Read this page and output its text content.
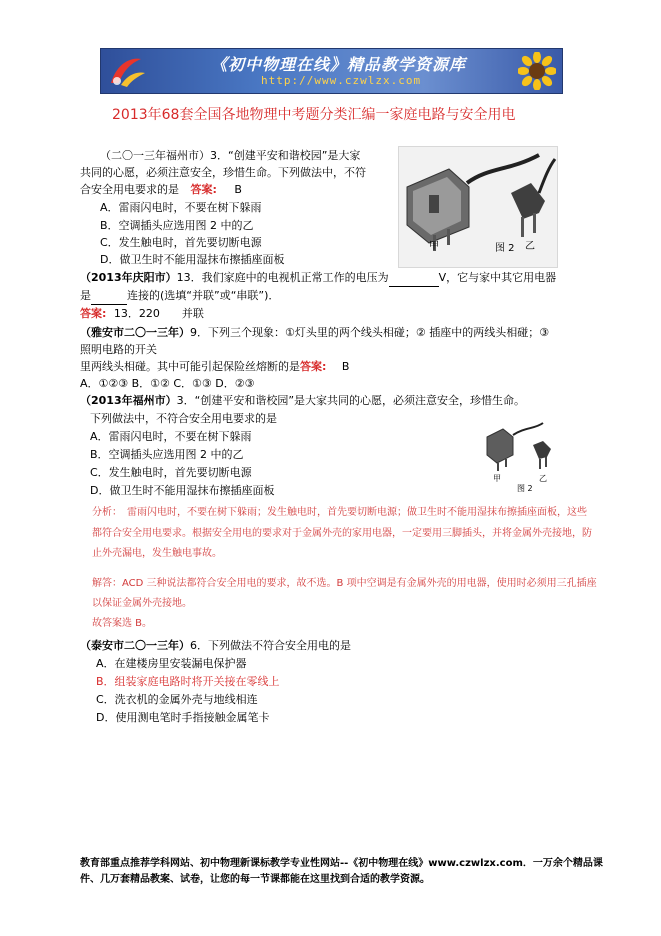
《初中物理在线》精品教学资源库
http://www.czwlzx.com
2013年68套全国各地物理中考题分类汇编一家庭电路与安全用电
（二〇一三年福州市）3．“创建平安和谐校园”是大家
共同的心愿，必须注意安全，珍惜生命。下列做法中，不符
合安全用电要求的是 答案: B
A．雷雨闪电时，不要在树下躲雨
B．空调插头应选用图 2 中的乙
C．发生触电时，首先要切断电源
D．做卫生时不能用湿抹布擦插座面板
甲	图 2 乙
（2013年庆阳市）13．我们家庭中的电视机正常工作的电压为	V，它与家中其它用电器
是	连接的(选填“并联”或“串联”)．
答案: 13．220　　并联
（雅安市二〇一三年）9．下列三个现象：①灯头里的两个线头相碰；② 插座中的两线头相碰；③
照明电路的开关
里两线头相碰。其中可能引起保险丝熔断的是答案: B
A．①②③ B．①② C．①③ D．②③
（2013年福州市）3．“创建平安和谐校园”是大家共同的心愿，必须注意安全，珍惜生命。
下列做法中，不符合安全用电要求的是
A．雷雨闪电时，不要在树下躲雨
B．空调插头应选用图 2 中的乙
C．发生触电时，首先要切断电源
D．做卫生时不能用湿抹布擦插座面板
甲	乙
图 2
分析：　雷雨闪电时，不要在树下躲雨；发生触电时，首先要切断电源；做卫生时不能用湿抹布擦插座面板，这些
都符合安全用电要求。根据安全用电的要求对于金属外壳的家用电器，一定要用三脚插头，并将金属外壳接地，防
止外壳漏电，发生触电事故。
解答：ACD 三种说法都符合安全用电的要求，故不选。B 项中空调是有金属外壳的用电器，使用时必须用三孔插座
以保证金属外壳接地。
故答案选 B。
（泰安市二〇一三年）6．下列做法不符合安全用电的是
A．在建楼房里安装漏电保护器
B．组装家庭电路时将开关接在零线上
C．洗衣机的金属外壳与地线相连
D．使用测电笔时手指接触金属笔卡
教育部重点推荐学科网站、初中物理新课标教学专业性网站--《初中物理在线》www.czwlzx.com．一万余个精品课
件、几万套精品教案、试卷，让您的每一节课都能在这里找到合适的教学资源。
